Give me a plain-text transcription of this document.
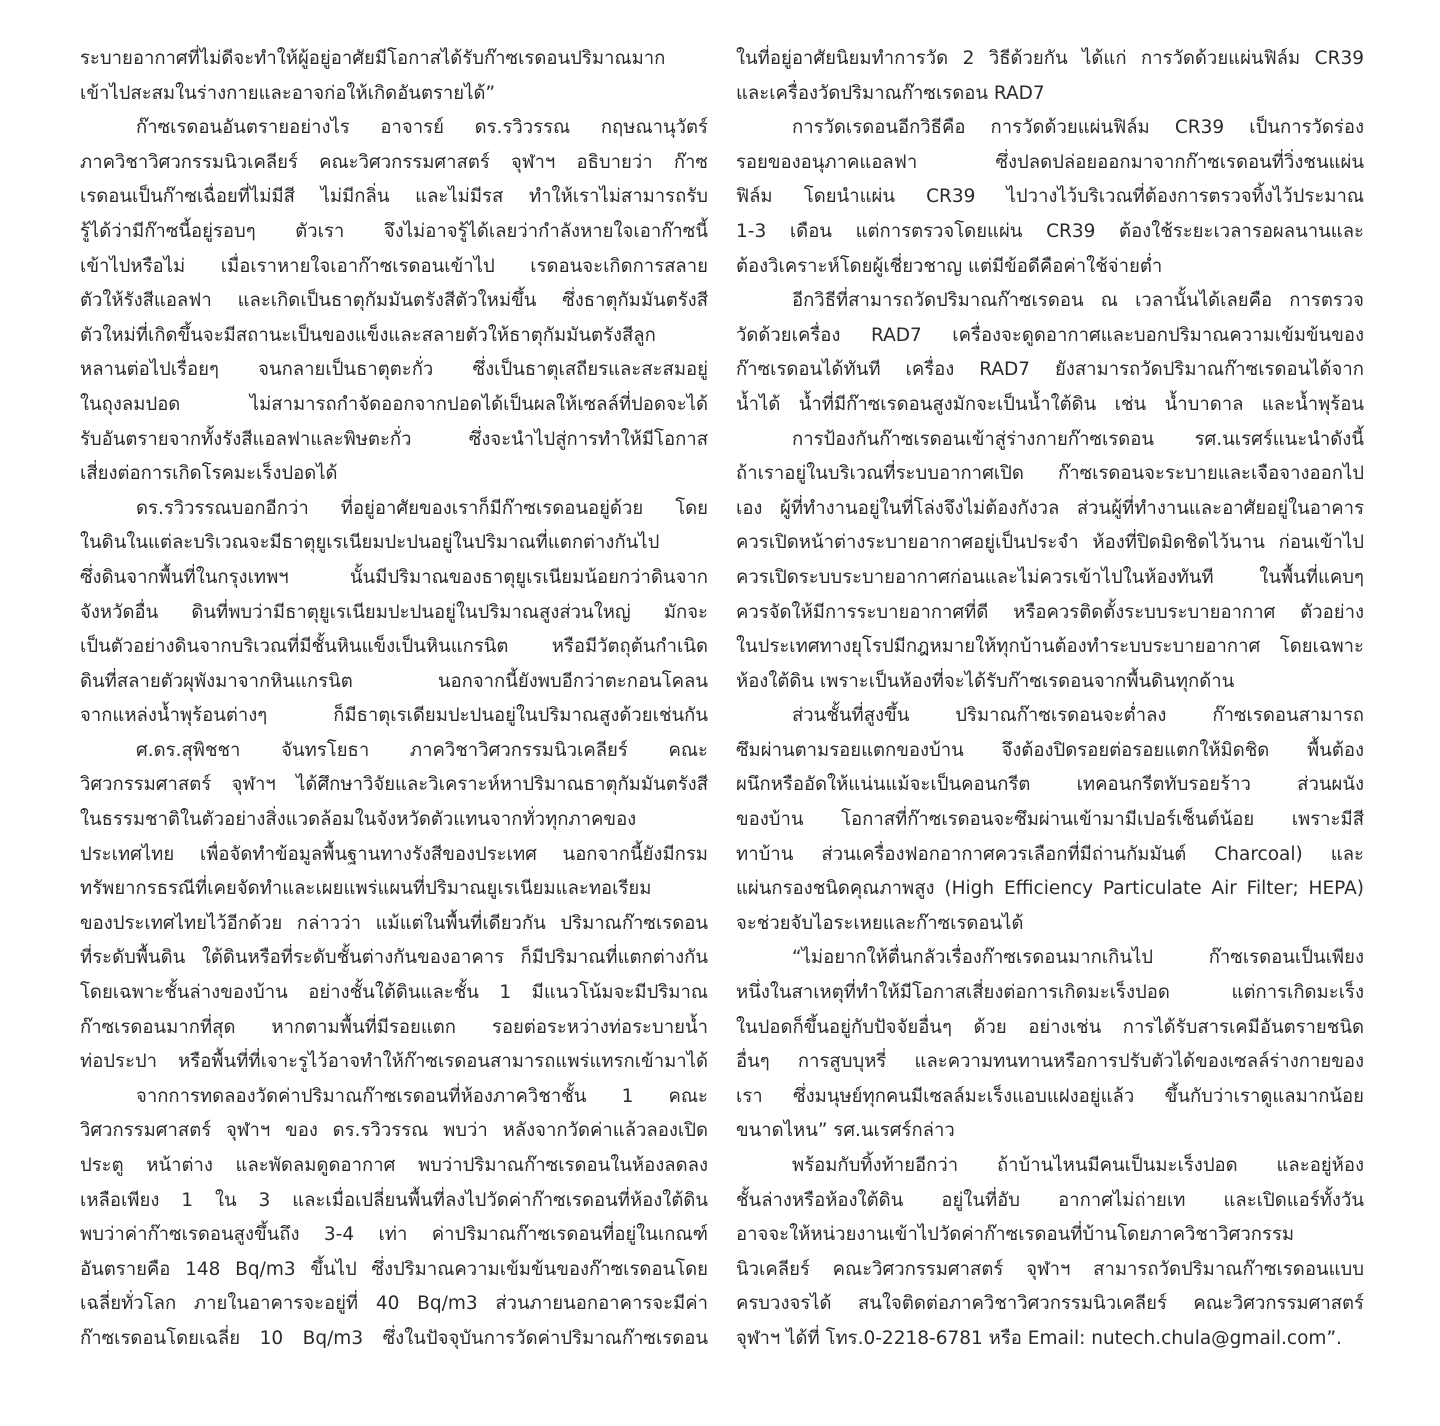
ระบายอากาศที่ไม่ดีจะทำให้ผู้อยู่อาศัยมีโอกาสได้รับก๊าซเรดอนปริมาณมาก
เข้าไปสะสมในร่างกายและอาจก่อให้เกิดอันตรายได้”
ก๊าซเรดอนอันตรายอย่างไร อาจารย์ ดร.รวิวรรณ กฤษณานุวัตร์
ภาควิชาวิศวกรรมนิวเคลียร์ คณะวิศวกรรมศาสตร์ จุฬาฯ อธิบายว่า ก๊าซ
เรดอนเป็นก๊าซเฉื่อยที่ไม่มีสี ไม่มีกลิ่น และไม่มีรส ทำให้เราไม่สามารถรับ
รู้ได้ว่ามีก๊าซนี้อยู่รอบๆ ตัวเรา จึงไม่อาจรู้ได้เลยว่ากำลังหายใจเอาก๊าซนี้
เข้าไปหรือไม่ เมื่อเราหายใจเอาก๊าซเรดอนเข้าไป เรดอนจะเกิดการสลาย
ตัวให้รังสีแอลฟา และเกิดเป็นธาตุกัมมันตรังสีตัวใหม่ขึ้น ซึ่งธาตุกัมมันตรังสี
ตัวใหม่ที่เกิดขึ้นจะมีสถานะเป็นของแข็งและสลายตัวให้ธาตุกัมมันตรังสีลูก
หลานต่อไปเรื่อยๆ จนกลายเป็นธาตุตะกั่ว ซึ่งเป็นธาตุเสถียรและสะสมอยู่
ในถุงลมปอด ไม่สามารถกำจัดออกจากปอดได้เป็นผลให้เซลล์ที่ปอดจะได้
รับอันตรายจากทั้งรังสีแอลฟาและพิษตะกั่ว ซึ่งจะนำไปสู่การทำให้มีโอกาส
เสี่ยงต่อการเกิดโรคมะเร็งปอดได้
ดร.รวิวรรณบอกอีกว่า ที่อยู่อาศัยของเราก็มีก๊าซเรดอนอยู่ด้วย โดย
ในดินในแต่ละบริเวณจะมีธาตุยูเรเนียมปะปนอยู่ในปริมาณที่แตกต่างกันไป
ซึ่งดินจากพื้นที่ในกรุงเทพฯ นั้นมีปริมาณของธาตุยูเรเนียมน้อยกว่าดินจาก
จังหวัดอื่น ดินที่พบว่ามีธาตุยูเรเนียมปะปนอยู่ในปริมาณสูงส่วนใหญ่ มักจะ
เป็นตัวอย่างดินจากบริเวณที่มีชั้นหินแข็งเป็นหินแกรนิต หรือมีวัตถุต้นกำเนิด
ดินที่สลายตัวผุพังมาจากหินแกรนิต นอกจากนี้ยังพบอีกว่าตะกอนโคลน
จากแหล่งน้ำพุร้อนต่างๆ ก็มีธาตุเรเดียมปะปนอยู่ในปริมาณสูงด้วยเช่นกัน
ศ.ดร.สุพิชชา จันทรโยธา ภาควิชาวิศวกรรมนิวเคลียร์ คณะ
วิศวกรรมศาสตร์ จุฬาฯ ได้ศึกษาวิจัยและวิเคราะห์หาปริมาณธาตุกัมมันตรังสี
ในธรรมชาติในตัวอย่างสิ่งแวดล้อมในจังหวัดตัวแทนจากทั่วทุกภาคของ
ประเทศไทย เพื่อจัดทำข้อมูลพื้นฐานทางรังสีของประเทศ นอกจากนี้ยังมีกรม
ทรัพยากรธรณีที่เคยจัดทำและเผยแพร่แผนที่ปริมาณยูเรเนียมและทอเรียม
ของประเทศไทยไว้อีกด้วย กล่าวว่า แม้แต่ในพื้นที่เดียวกัน ปริมาณก๊าซเรดอน
ที่ระดับพื้นดิน ใต้ดินหรือที่ระดับชั้นต่างกันของอาคาร ก็มีปริมาณที่แตกต่างกัน
โดยเฉพาะชั้นล่างของบ้าน อย่างชั้นใต้ดินและชั้น 1 มีแนวโน้มจะมีปริมาณ
ก๊าซเรดอนมากที่สุด หากตามพื้นที่มีรอยแตก รอยต่อระหว่างท่อระบายน้ำ
ท่อประปา หรือพื้นที่ที่เจาะรูไว้อาจทำให้ก๊าซเรดอนสามารถแพร่แทรกเข้ามาได้
จากการทดลองวัดค่าปริมาณก๊าซเรดอนที่ห้องภาควิชาชั้น 1 คณะ
วิศวกรรมศาสตร์ จุฬาฯ ของ ดร.รวิวรรณ พบว่า หลังจากวัดค่าแล้วลองเปิด
ประตู หน้าต่าง และพัดลมดูดอากาศ พบว่าปริมาณก๊าซเรดอนในห้องลดลง
เหลือเพียง 1 ใน 3 และเมื่อเปลี่ยนพื้นที่ลงไปวัดค่าก๊าซเรดอนที่ห้องใต้ดิน
พบว่าค่าก๊าซเรดอนสูงขึ้นถึง 3-4 เท่า ค่าปริมาณก๊าซเรดอนที่อยู่ในเกณฑ์
อันตรายคือ 148 Bq/m3 ขึ้นไป ซึ่งปริมาณความเข้มข้นของก๊าซเรดอนโดย
เฉลี่ยทั่วโลก ภายในอาคารจะอยู่ที่ 40 Bq/m3 ส่วนภายนอกอาคารจะมีค่า
ก๊าซเรดอนโดยเฉลี่ย 10 Bq/m3 ซึ่งในปัจจุบันการวัดค่าปริมาณก๊าซเรดอน
ในที่อยู่อาศัยนิยมทำการวัด 2 วิธีด้วยกัน ได้แก่ การวัดด้วยแผ่นฟิล์ม CR39
และเครื่องวัดปริมาณก๊าซเรดอน RAD7
การวัดเรดอนอีกวิธีคือ การวัดด้วยแผ่นฟิล์ม CR39 เป็นการวัดร่อง
รอยของอนุภาคแอลฟา ซึ่งปลดปล่อยออกมาจากก๊าซเรดอนที่วิ่งชนแผ่น
ฟิล์ม โดยนำแผ่น CR39 ไปวางไว้บริเวณที่ต้องการตรวจทิ้งไว้ประมาณ
1-3 เดือน แต่การตรวจโดยแผ่น CR39 ต้องใช้ระยะเวลารอผลนานและ
ต้องวิเคราะห์โดยผู้เชี่ยวชาญ แต่มีข้อดีคือค่าใช้จ่ายต่ำ
อีกวิธีที่สามารถวัดปริมาณก๊าซเรดอน ณ เวลานั้นได้เลยคือ การตรวจ
วัดด้วยเครื่อง RAD7 เครื่องจะดูดอากาศและบอกปริมาณความเข้มข้นของ
ก๊าซเรดอนได้ทันที เครื่อง RAD7 ยังสามารถวัดปริมาณก๊าซเรดอนได้จาก
น้ำได้ น้ำที่มีก๊าซเรดอนสูงมักจะเป็นน้ำใต้ดิน เช่น น้ำบาดาล และน้ำพุร้อน
การป้องกันก๊าซเรดอนเข้าสู่ร่างกายก๊าซเรดอน รศ.นเรศร์แนะนำดังนี้
ถ้าเราอยู่ในบริเวณที่ระบบอากาศเปิด ก๊าซเรดอนจะระบายและเจือจางออกไป
เอง ผู้ที่ทำงานอยู่ในที่โล่งจึงไม่ต้องกังวล ส่วนผู้ที่ทำงานและอาศัยอยู่ในอาคาร
ควรเปิดหน้าต่างระบายอากาศอยู่เป็นประจำ ห้องที่ปิดมิดชิดไว้นาน ก่อนเข้าไป
ควรเปิดระบบระบายอากาศก่อนและไม่ควรเข้าไปในห้องทันที ในพื้นที่แคบๆ
ควรจัดให้มีการระบายอากาศที่ดี หรือควรติดตั้งระบบระบายอากาศ ตัวอย่าง
ในประเทศทางยุโรปมีกฎหมายให้ทุกบ้านต้องทำระบบระบายอากาศ โดยเฉพาะ
ห้องใต้ดิน เพราะเป็นห้องที่จะได้รับก๊าซเรดอนจากพื้นดินทุกด้าน
ส่วนชั้นที่สูงขึ้น ปริมาณก๊าซเรดอนจะต่ำลง ก๊าซเรดอนสามารถ
ซึมผ่านตามรอยแตกของบ้าน จึงต้องปิดรอยต่อรอยแตกให้มิดชิด พื้นต้อง
ผนึกหรืออัดให้แน่นแม้จะเป็นคอนกรีต เทคอนกรีตทับรอยร้าว ส่วนผนัง
ของบ้าน โอกาสที่ก๊าซเรดอนจะซึมผ่านเข้ามามีเปอร์เซ็นต์น้อย เพราะมีสี
ทาบ้าน ส่วนเครื่องฟอกอากาศควรเลือกที่มีถ่านกัมมันต์ Charcoal) และ
แผ่นกรองชนิดคุณภาพสูง (High Efficiency Particulate Air Filter; HEPA)
จะช่วยจับไอระเหยและก๊าซเรดอนได้
“ไม่อยากให้ตื่นกลัวเรื่องก๊าซเรดอนมากเกินไป ก๊าซเรดอนเป็นเพียง
หนึ่งในสาเหตุที่ทำให้มีโอกาสเสี่ยงต่อการเกิดมะเร็งปอด แต่การเกิดมะเร็ง
ในปอดก็ขึ้นอยู่กับปัจจัยอื่นๆ ด้วย อย่างเช่น การได้รับสารเคมีอันตรายชนิด
อื่นๆ การสูบบุหรี่ และความทนทานหรือการปรับตัวได้ของเซลล์ร่างกายของ
เรา ซึ่งมนุษย์ทุกคนมีเซลล์มะเร็งแอบแฝงอยู่แล้ว ขึ้นกับว่าเราดูแลมากน้อย
ขนาดไหน” รศ.นเรศร์กล่าว
พร้อมกับทิ้งท้ายอีกว่า ถ้าบ้านไหนมีคนเป็นมะเร็งปอด และอยู่ห้อง
ชั้นล่างหรือห้องใต้ดิน อยู่ในที่อับ อากาศไม่ถ่ายเท และเปิดแอร์ทั้งวัน
อาจจะให้หน่วยงานเข้าไปวัดค่าก๊าซเรดอนที่บ้านโดยภาควิชาวิศวกรรม
นิวเคลียร์ คณะวิศวกรรมศาสตร์ จุฬาฯ สามารถวัดปริมาณก๊าซเรดอนแบบ
ครบวงจรได้ สนใจติดต่อภาควิชาวิศวกรรมนิวเคลียร์ คณะวิศวกรรมศาสตร์
จุฬาฯ ได้ที่ โทร.0-2218-6781 หรือ Email: nutech.chula@gmail.com”.
